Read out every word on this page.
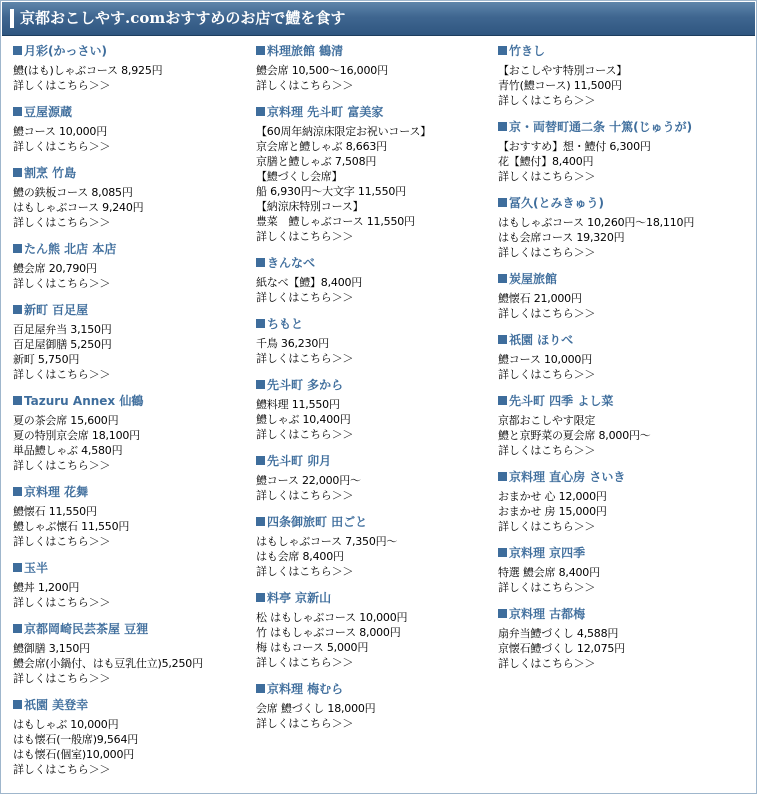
京都おこしやす.comおすすめのお店で鱧を食す
月彩(かっさい)
鱧(はも)しゃぶコース 8,925円
詳しくはこちら＞＞
豆屋源蔵
鱧コース 10,000円
詳しくはこちら＞＞
割烹 竹島
鱧の鉄板コース 8,085円
はもしゃぶコース 9,240円
詳しくはこちら＞＞
たん熊 北店 本店
鱧会席 20,790円
詳しくはこちら＞＞
新町 百足屋
百足屋弁当 3,150円
百足屋御膳 5,250円
新町 5,750円
詳しくはこちら＞＞
Tazuru Annex 仙鶴
夏の茶会席 15,600円
夏の特別京会席 18,100円
単品鱧しゃぶ 4,580円
詳しくはこちら＞＞
京料理 花舞
鱧懐石 11,550円
鱧しゃぶ懐石 11,550円
詳しくはこちら＞＞
玉半
鱧丼 1,200円
詳しくはこちら＞＞
京都岡崎民芸茶屋 豆狸
鱧御膳 3,150円
鱧会席(小鍋付、はも豆乳仕立)5,250円
詳しくはこちら＞＞
祇園 美登幸
はもしゃぶ 10,000円
はも懐石(一般席)9,564円
はも懐石(個室)10,000円
詳しくはこちら＞＞
料理旅館 鶴清
鱧会席 10,500〜16,000円
詳しくはこちら＞＞
京料理 先斗町 富美家
【60周年納涼床限定お祝いコース】
京会席と鱧しゃぶ 8,663円
京膳と鱧しゃぶ 7,508円
【鱧づくし会席】
船 6,930円〜大文字 11,550円
【納涼床特別コース】
豊菜　鱧しゃぶコース 11,550円
詳しくはこちら＞＞
きんなべ
紙なべ【鱧】8,400円
詳しくはこちら＞＞
ちもと
千鳥 36,230円
詳しくはこちら＞＞
先斗町 多から
鱧料理 11,550円
鱧しゃぶ 10,400円
詳しくはこちら＞＞
先斗町 卯月
鱧コース 22,000円〜
詳しくはこちら＞＞
四条御旅町 田ごと
はもしゃぶコース 7,350円〜
はも会席 8,400円
詳しくはこちら＞＞
料亭 京新山
松 はもしゃぶコース 10,000円
竹 はもしゃぶコース 8,000円
梅 はもコース 5,000円
詳しくはこちら＞＞
京料理 梅むら
会席 鱧づくし 18,000円
詳しくはこちら＞＞
竹きし
【おこしやす特別コース】
青竹(鱧コース) 11,500円
詳しくはこちら＞＞
京・両替町通二条 十篤(じゅうが)
【おすすめ】想・鱧付 6,300円
花【鱧付】8,400円
詳しくはこちら＞＞
冨久(とみきゅう)
はもしゃぶコース 10,260円〜18,110円
はも会席コース 19,320円
詳しくはこちら＞＞
炭屋旅館
鱧懐石 21,000円
詳しくはこちら＞＞
祇園 ほりべ
鱧コース 10,000円
詳しくはこちら＞＞
先斗町 四季 よし菜
京都おこしやす限定
鱧と京野菜の夏会席 8,000円〜
詳しくはこちら＞＞
京料理 直心房 さいき
おまかせ 心 12,000円
おまかせ 房 15,000円
詳しくはこちら＞＞
京料理 京四季
特選 鱧会席 8,400円
詳しくはこちら＞＞
京料理 古都梅
扇弁当鱧づくし 4,588円
京懐石鱧づくし 12,075円
詳しくはこちら＞＞
